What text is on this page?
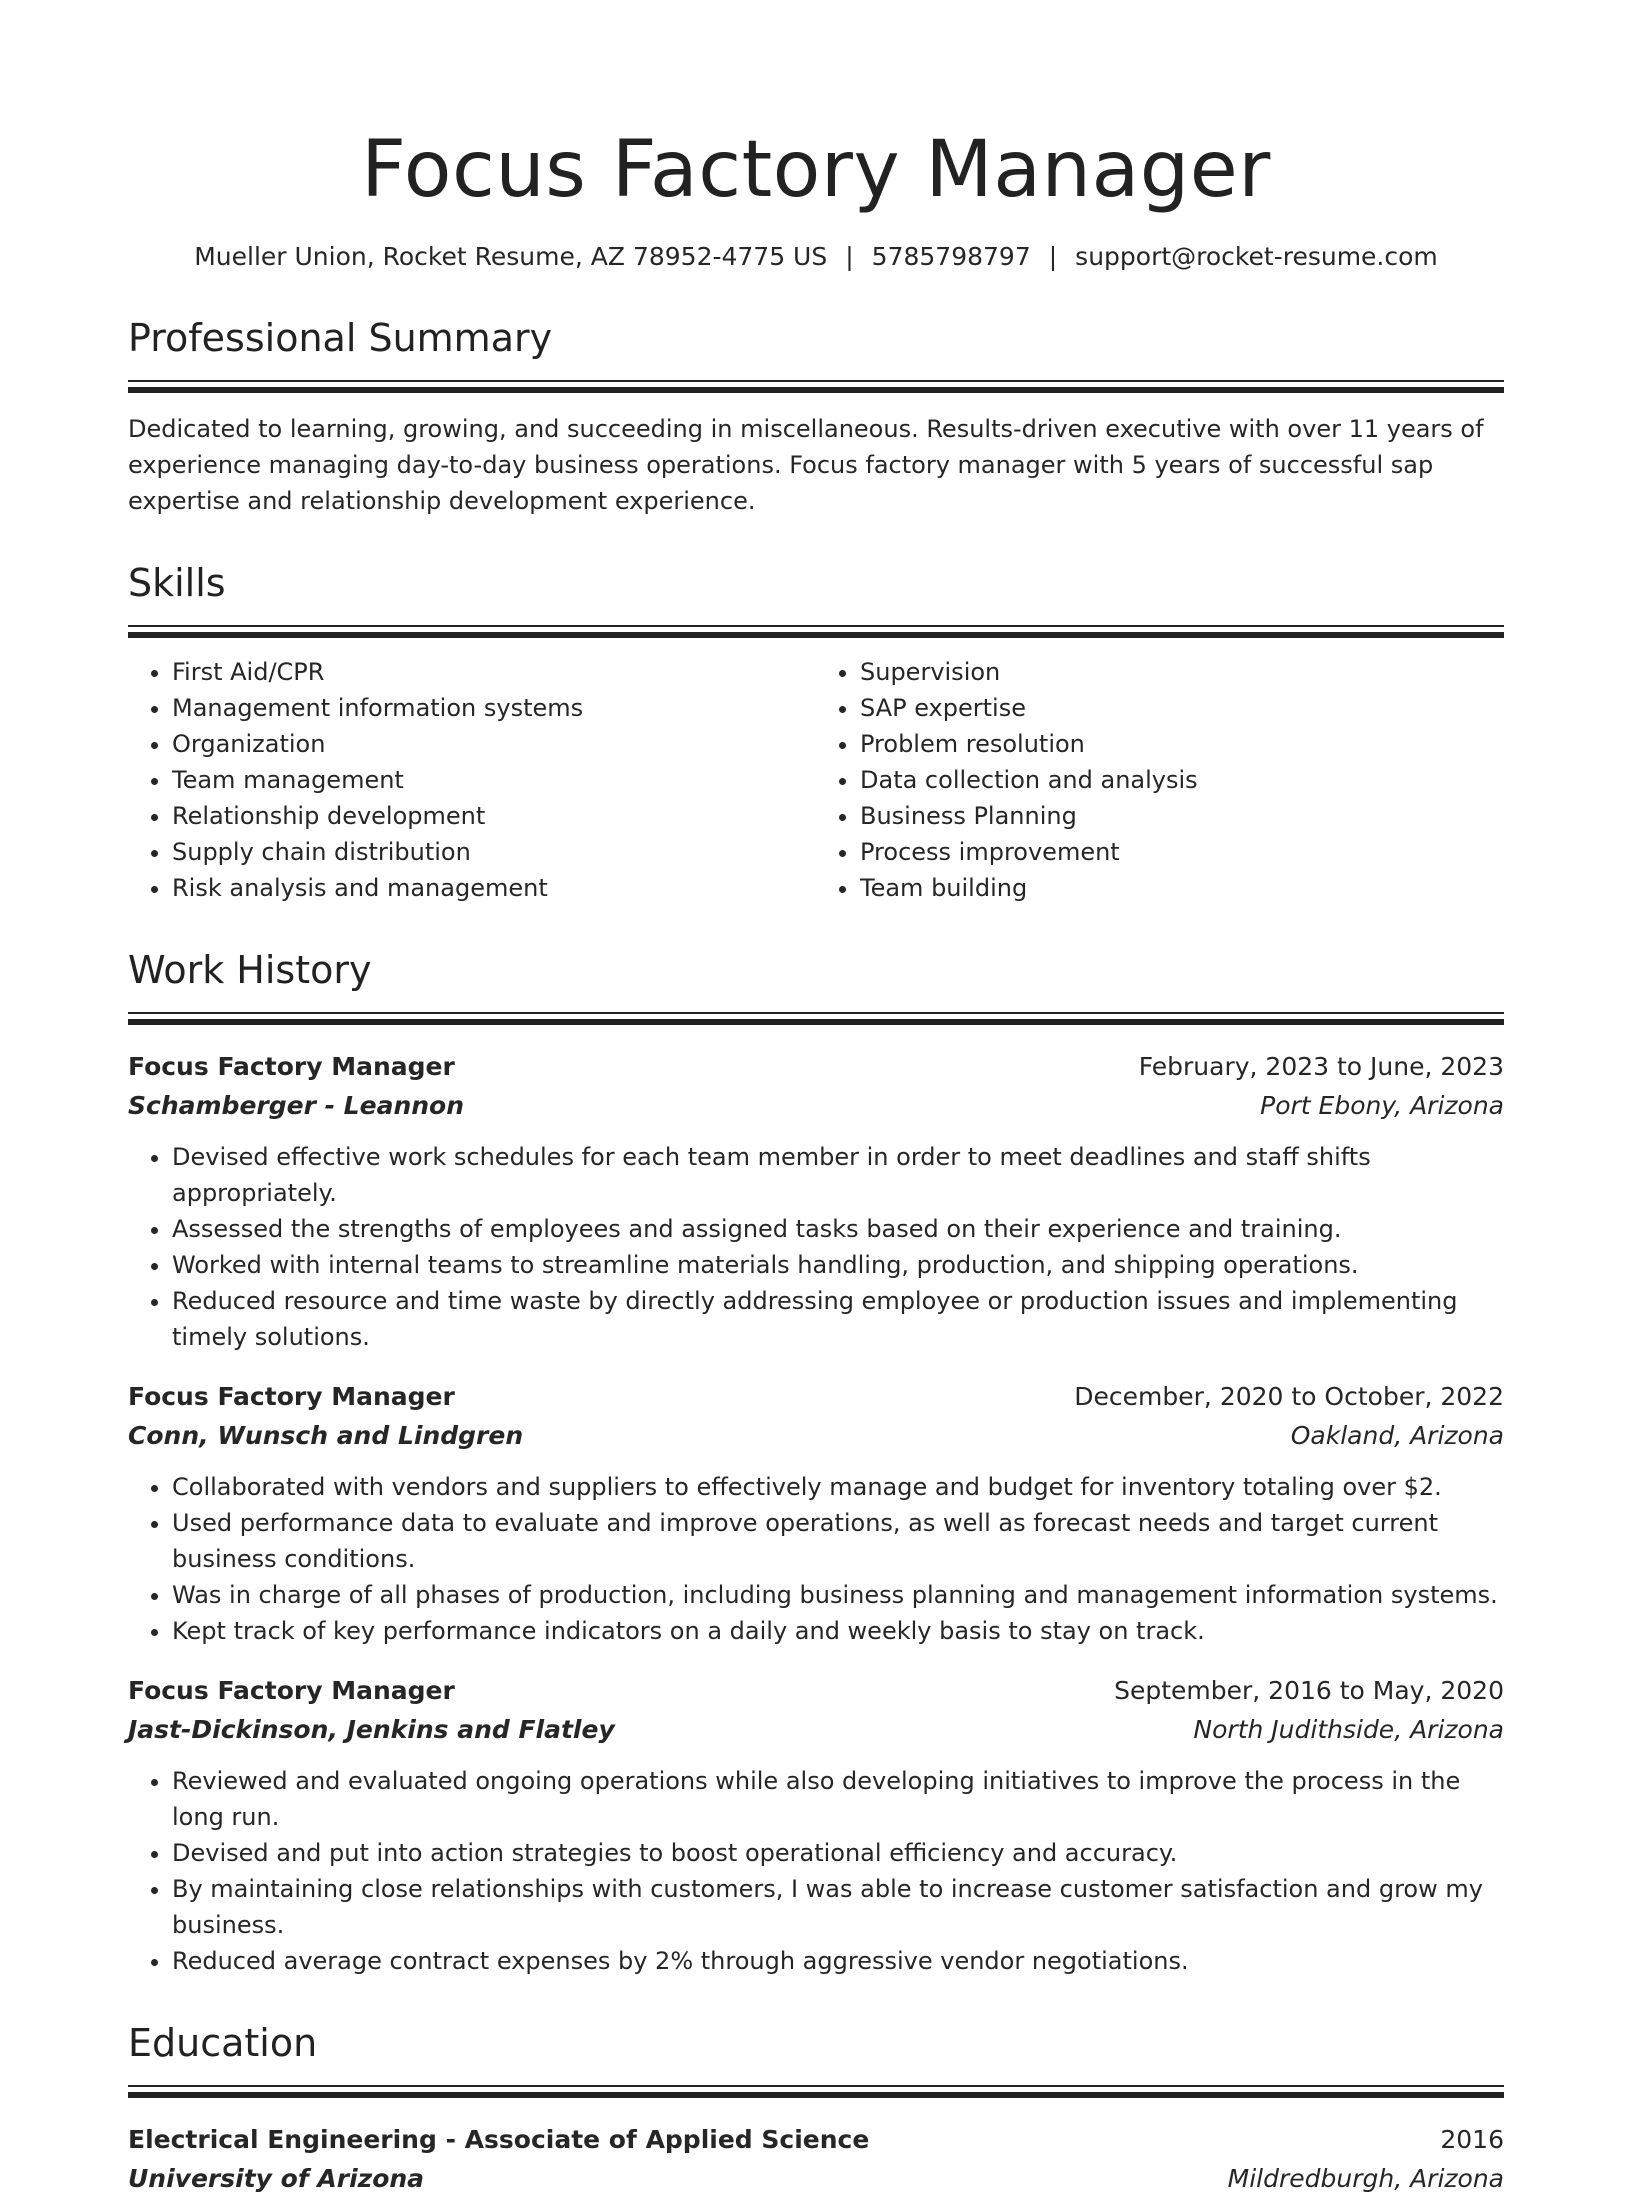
Focus Factory Manager
Mueller Union, Rocket Resume, AZ 78952-4775 US | 5785798797 | support@rocket-resume.com
Professional Summary
Dedicated to learning, growing, and succeeding in miscellaneous. Results-driven executive with over 11 years of experience managing day-to-day business operations. Focus factory manager with 5 years of successful sap expertise and relationship development experience.
Skills
• First Aid/CPR
• Management information systems
• Organization
• Team management
• Relationship development
• Supply chain distribution
• Risk analysis and management
• Supervision
• SAP expertise
• Problem resolution
• Data collection and analysis
• Business Planning
• Process improvement
• Team building
Work History
Focus Factory Manager	February, 2023 to June, 2023
Schamberger - Leannon	Port Ebony, Arizona
• Devised effective work schedules for each team member in order to meet deadlines and staff shifts appropriately.
• Assessed the strengths of employees and assigned tasks based on their experience and training.
• Worked with internal teams to streamline materials handling, production, and shipping operations.
• Reduced resource and time waste by directly addressing employee or production issues and implementing timely solutions.
Focus Factory Manager	December, 2020 to October, 2022
Conn, Wunsch and Lindgren	Oakland, Arizona
• Collaborated with vendors and suppliers to effectively manage and budget for inventory totaling over $2.
• Used performance data to evaluate and improve operations, as well as forecast needs and target current business conditions.
• Was in charge of all phases of production, including business planning and management information systems.
• Kept track of key performance indicators on a daily and weekly basis to stay on track.
Focus Factory Manager	September, 2016 to May, 2020
Jast-Dickinson, Jenkins and Flatley	North Judithside, Arizona
• Reviewed and evaluated ongoing operations while also developing initiatives to improve the process in the long run.
• Devised and put into action strategies to boost operational efficiency and accuracy.
• By maintaining close relationships with customers, I was able to increase customer satisfaction and grow my business.
• Reduced average contract expenses by 2% through aggressive vendor negotiations.
Education
Electrical Engineering - Associate of Applied Science	2016
University of Arizona	Mildredburgh, Arizona
